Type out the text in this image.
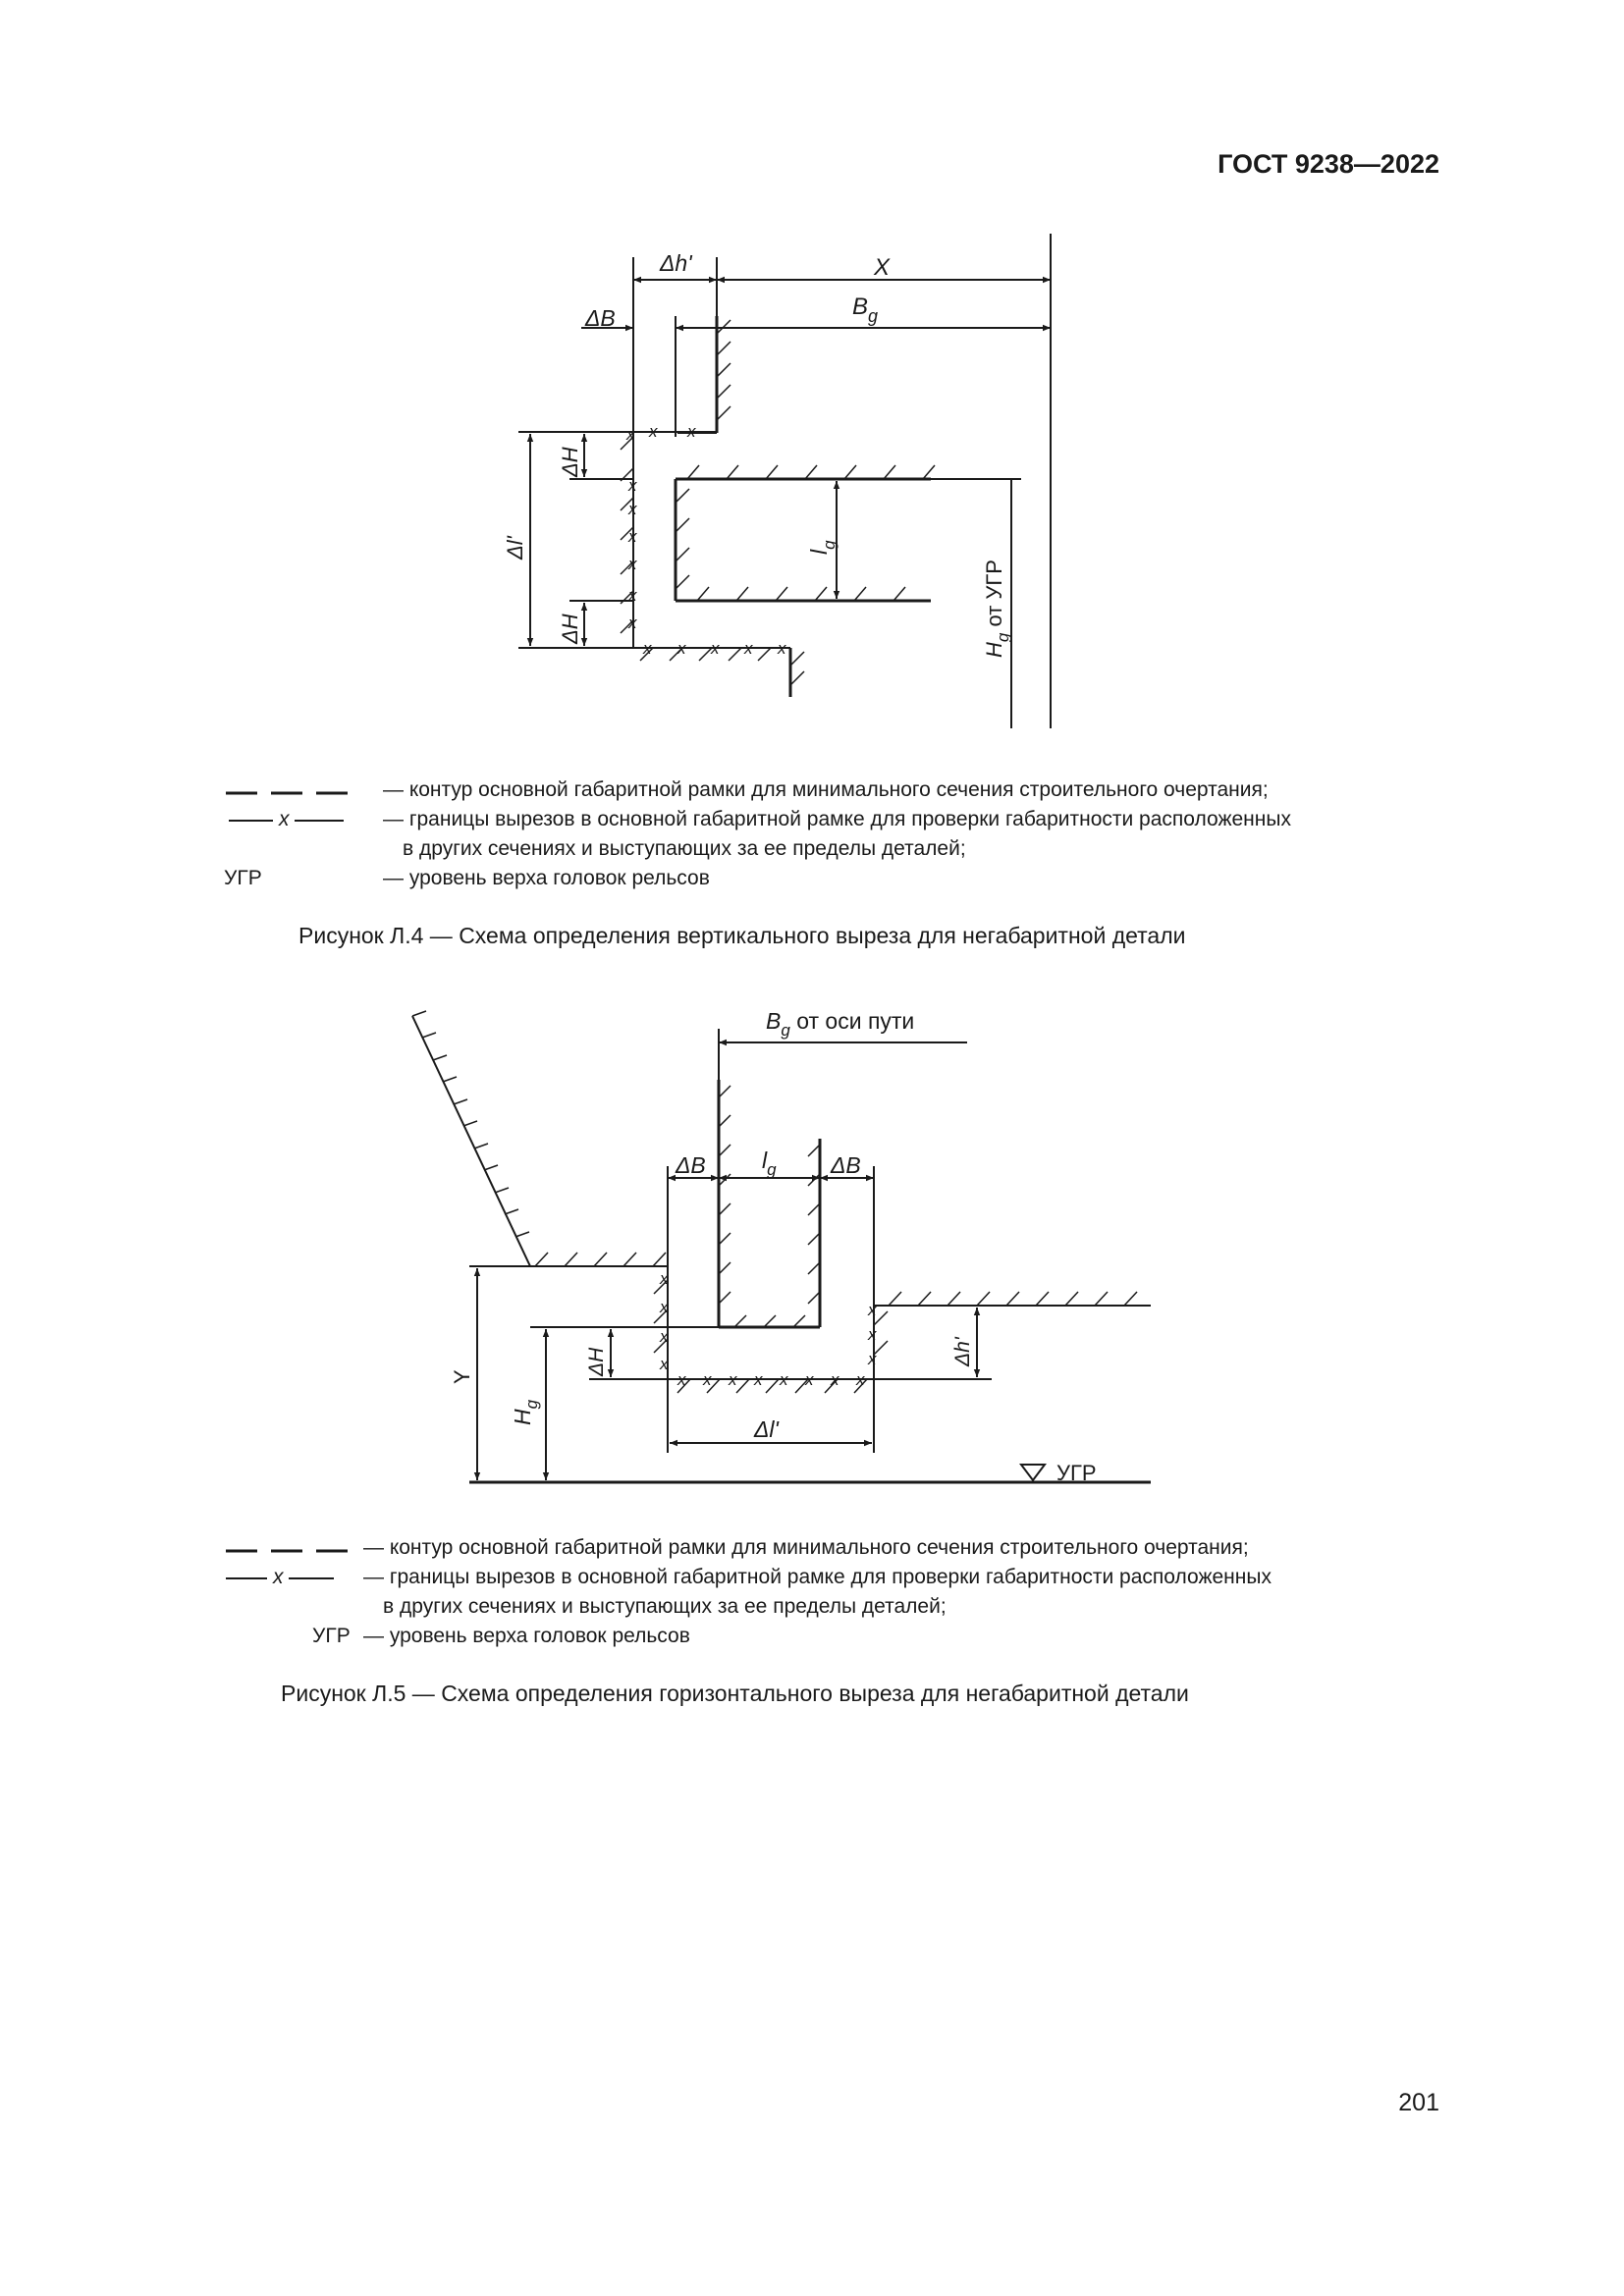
ГОСТ 9238—2022
x x x
x
x
x
x
x
x
x x x x x
Δh'	X
ΔB	$B_g$
ΔH
Δl'
ΔH
$l_g$
$H_g$ от УГР
— контур основной габаритной рамки для минимального сечения строительного очертания;
x	— границы вырезов в основной габаритной рамке для проверки габаритности расположенных
в других сечениях и выступающих за ее пределы деталей;
УГР	— уровень верха головок рельсов
Рисунок Л.4 — Схема определения вертикального выреза для негабаритной детали
x
x
x
x
x x x x x x x x
x
x
x
$B_g$ от оси пути
ΔB $l_g$ ΔB
Y
$H_g$
ΔH	Δh'
Δl'
УГР
— контур основной габаритной рамки для минимального сечения строительного очертания;
x	— границы вырезов в основной габаритной рамке для проверки габаритности расположенных
в других сечениях и выступающих за ее пределы деталей;
УГР — уровень верха головок рельсов
Рисунок Л.5 — Схема определения горизонтального выреза для негабаритной детали
201
